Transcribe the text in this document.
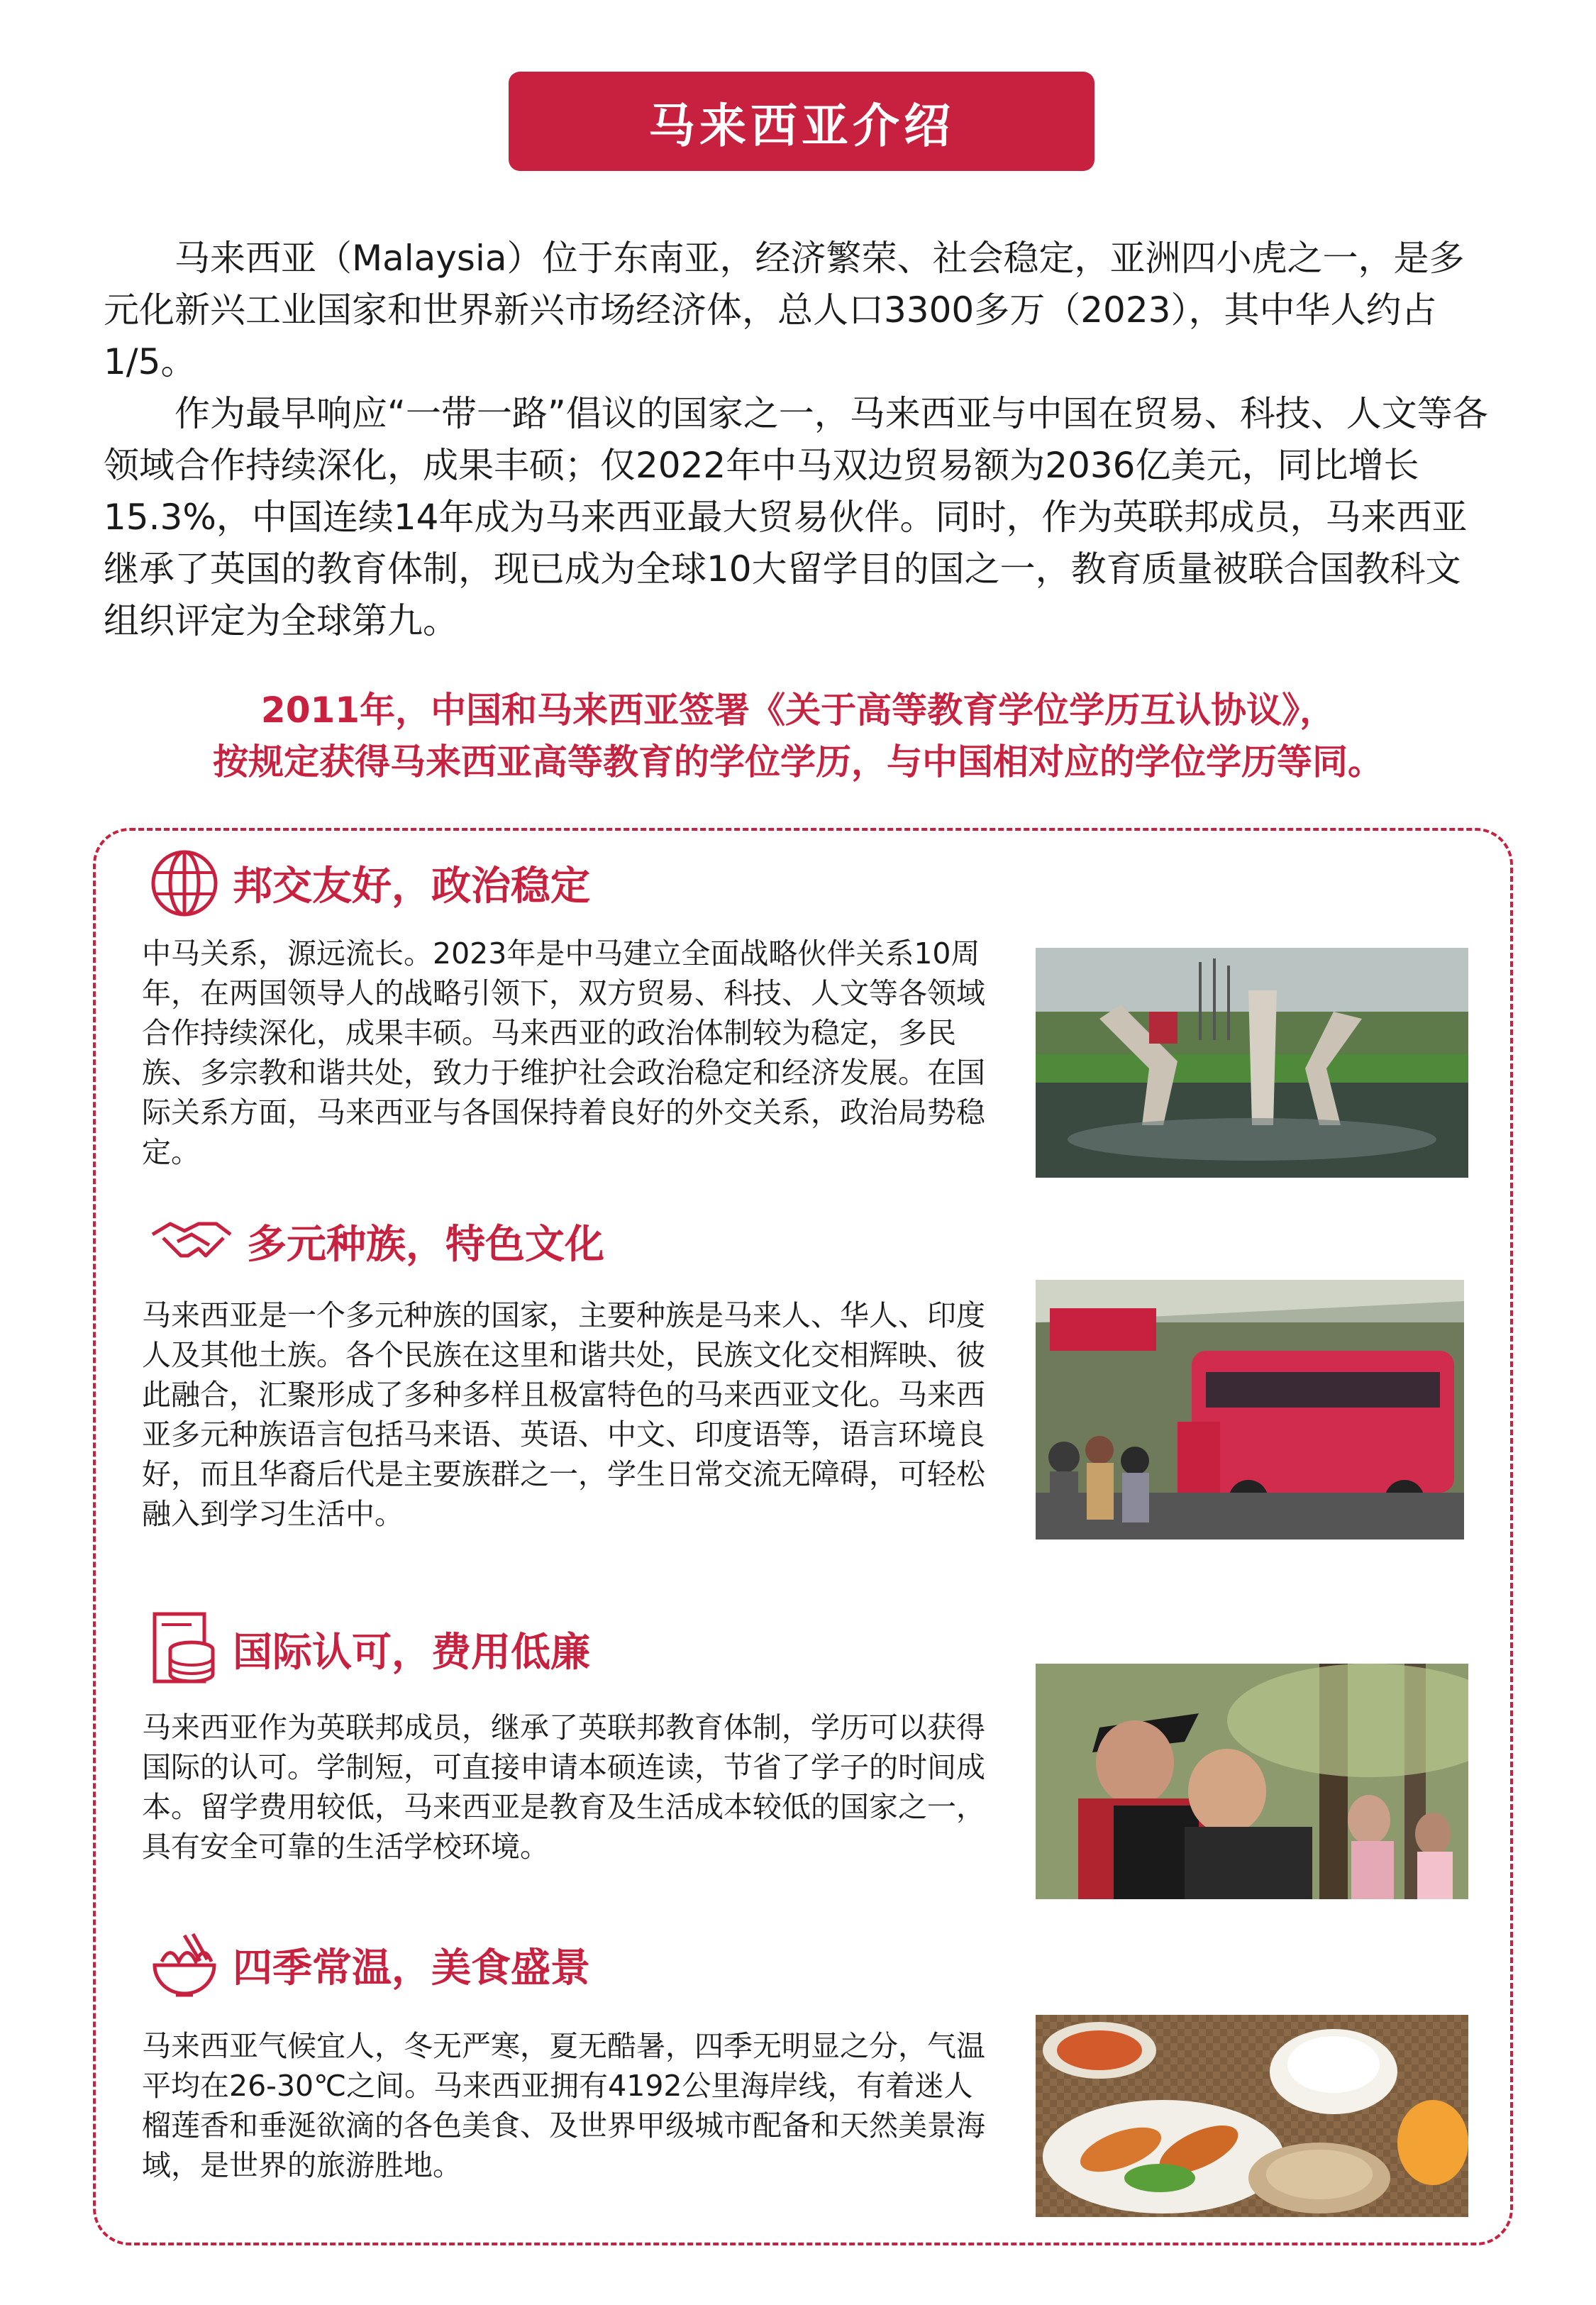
马来西亚介绍

马来西亚（Malaysia）位于东南亚，经济繁荣、社会稳定，亚洲四小虎之一，是多元化新兴工业国家和世界新兴市场经济体，总人口3300多万（2023），其中华人约占1/5。

作为最早响应“一带一路”倡议的国家之一，马来西亚与中国在贸易、科技、人文等各领域合作持续深化，成果丰硕；仅2022年中马双边贸易额为2036亿美元，同比增长15.3%，中国连续14年成为马来西亚最大贸易伙伴。同时，作为英联邦成员，马来西亚继承了英国的教育体制，现已成为全球10大留学目的国之一，教育质量被联合国教科文组织评定为全球第九。

2011年，中国和马来西亚签署《关于高等教育学位学历互认协议》，
按规定获得马来西亚高等教育的学位学历，与中国相对应的学位学历等同。
邦交友好，政治稳定

中马关系，源远流长。2023年是中马建立全面战略伙伴关系10周年，在两国领导人的战略引领下，双方贸易、科技、人文等各领域合作持续深化，成果丰硕。马来西亚的政治体制较为稳定，多民族、多宗教和谐共处，致力于维护社会政治稳定和经济发展。在国际关系方面，马来西亚与各国保持着良好的外交关系，政治局势稳定。

多元种族，特色文化

马来西亚是一个多元种族的国家，主要种族是马来人、华人、印度人及其他土族。各个民族在这里和谐共处，民族文化交相辉映、彼此融合，汇聚形成了多种多样且极富特色的马来西亚文化。马来西亚多元种族语言包括马来语、英语、中文、印度语等，语言环境良好，而且华裔后代是主要族群之一，学生日常交流无障碍，可轻松融入到学习生活中。

国际认可，费用低廉

马来西亚作为英联邦成员，继承了英联邦教育体制，学历可以获得国际的认可。学制短，可直接申请本硕连读，节省了学子的时间成本。留学费用较低，马来西亚是教育及生活成本较低的国家之一，具有安全可靠的生活学校环境。

四季常温，美食盛景

马来西亚气候宜人，冬无严寒，夏无酷暑，四季无明显之分，气温平均在26-30℃之间。马来西亚拥有4192公里海岸线，有着迷人榴莲香和垂涎欲滴的各色美食、及世界甲级城市配备和天然美景海域，是世界的旅游胜地。
